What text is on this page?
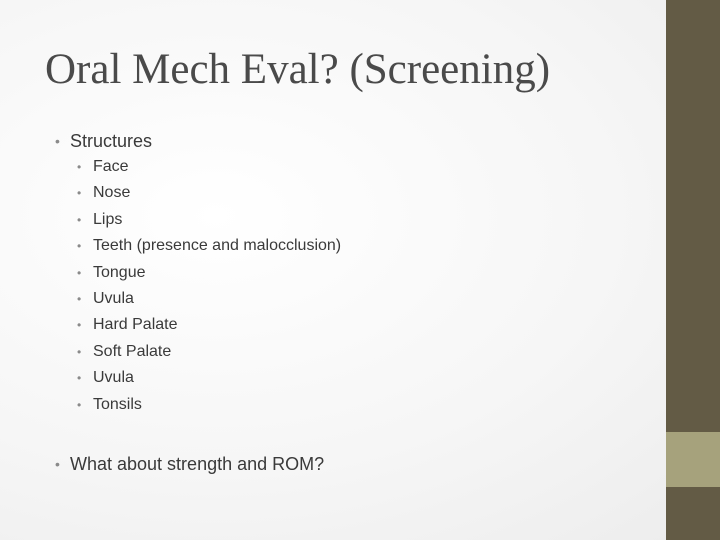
Oral Mech Eval? (Screening)
• Structures
• Face
• Nose
• Lips
• Teeth (presence and malocclusion)
• Tongue
• Uvula
• Hard Palate
• Soft Palate
• Uvula
• Tonsils
• What about strength and ROM?
